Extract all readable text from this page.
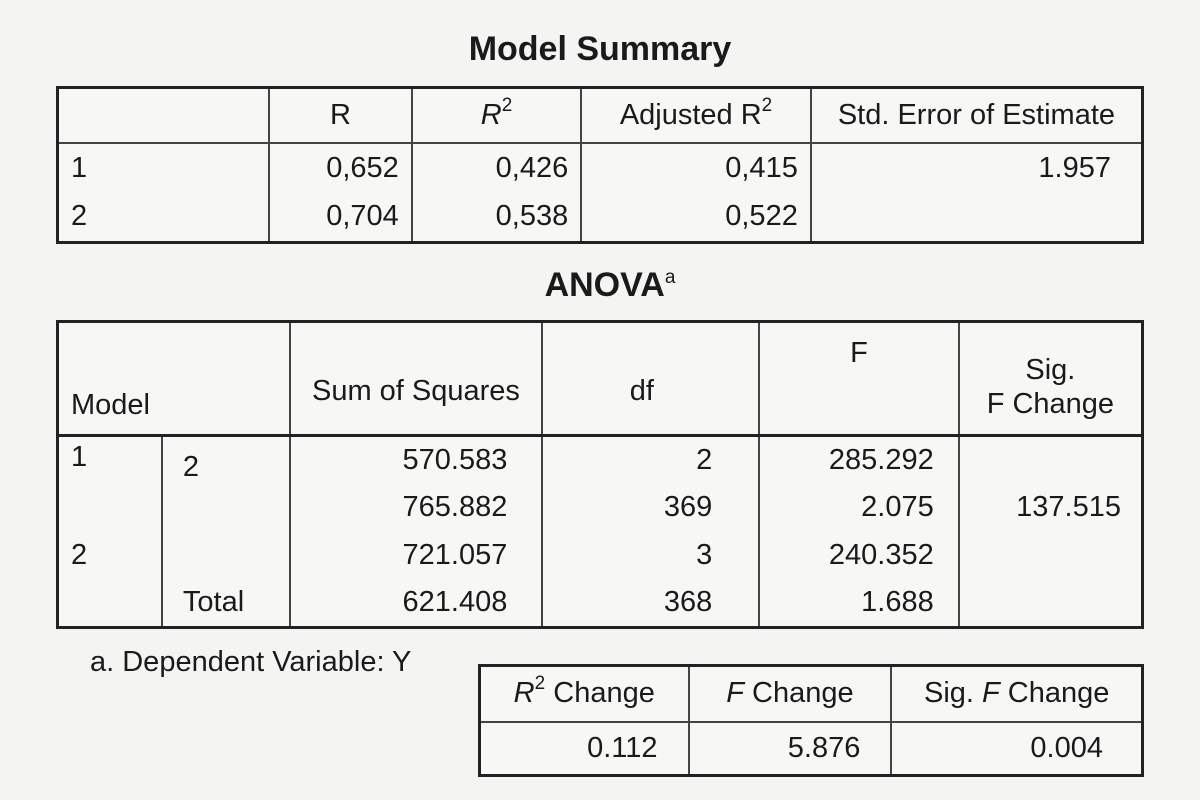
Model Summary
	R	$R^2$	Adjusted $R^2$	Std. Error of Estimate
1	0,652	0,426	0,415	1.957
2	0,704	0,538	0,522	
ANOVA$^a$
Model		Sum of Squares	df	F	Sig.
F Change

1	2	570.583	2	285.292	
		765.882	369	2.075	137.515
2		721.057	3	240.352	
	Total	621.408	368	1.688	
a. Dependent Variable: Y
$R^2$ Change	F Change	Sig. F Change
0.112	5.876	0.004
